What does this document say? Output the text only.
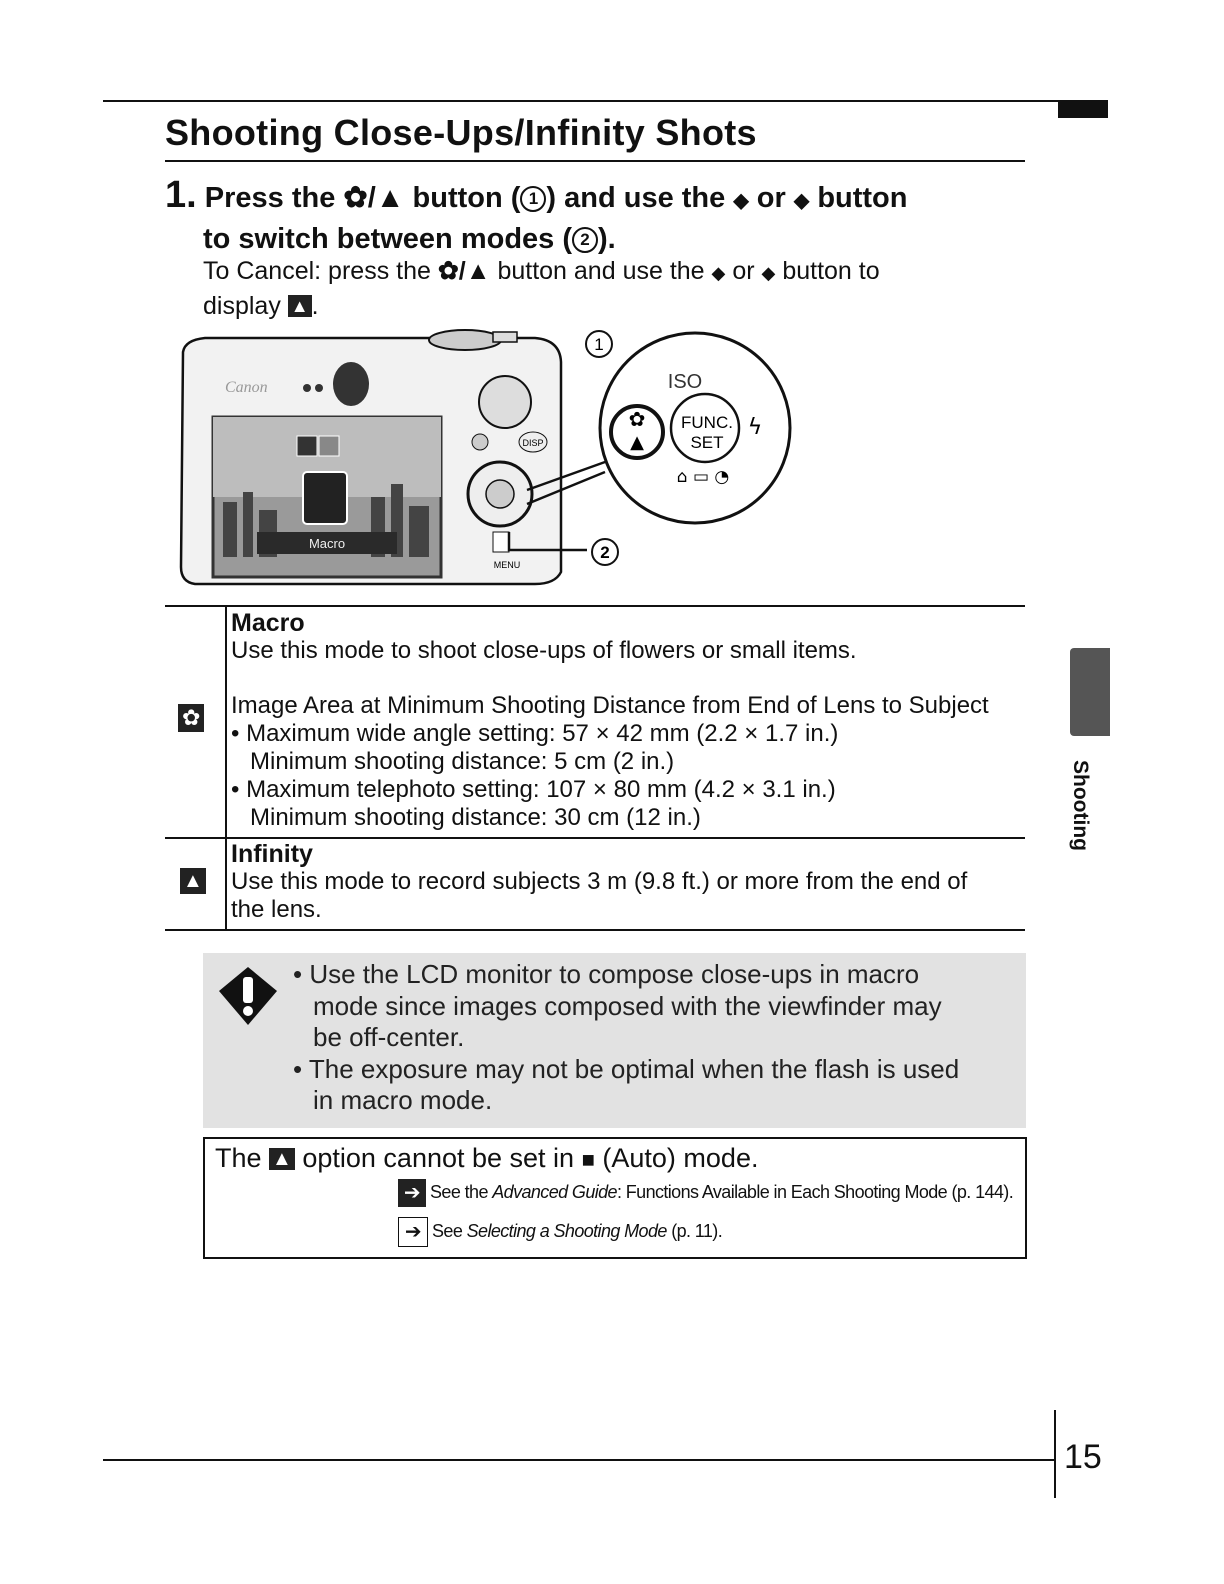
Shooting Close-Ups/Infinity Shots
1. Press the ✿/▲ button ( 1 ) and use the ◆ or ◆ button
to switch between modes ( 2 ).
To Cancel: press the ✿/▲ button and use the ◆ or ◆ button to
display ▲ .
Macro
Canon
DISP
MENU
✿
▲
ISO
FUNC.
SET
ϟ
⌂ ▭ ◔
1
2
✿
Macro
Use this mode to shoot close-ups of flowers or small items.
Image Area at Minimum Shooting Distance from End of Lens to Subject
• Maximum wide angle setting: 57 × 42 mm (2.2 × 1.7 in.)
Minimum shooting distance: 5 cm (2 in.)
• Maximum telephoto setting: 107 × 80 mm (4.2 × 3.1 in.)
Minimum shooting distance: 30 cm (12 in.)
▲
Infinity
Use this mode to record subjects 3 m (9.8 ft.) or more from the end of
the lens.
• Use the LCD monitor to compose close-ups in macro
mode since images composed with the viewfinder may
be off-center.
• The exposure may not be optimal when the flash is used
in macro mode.
The ▲ option cannot be set in ■ (Auto) mode.
➔ See the Advanced Guide: Functions Available in Each Shooting Mode (p. 144).
➔ See Selecting a Shooting Mode (p. 11).
Shooting
15
